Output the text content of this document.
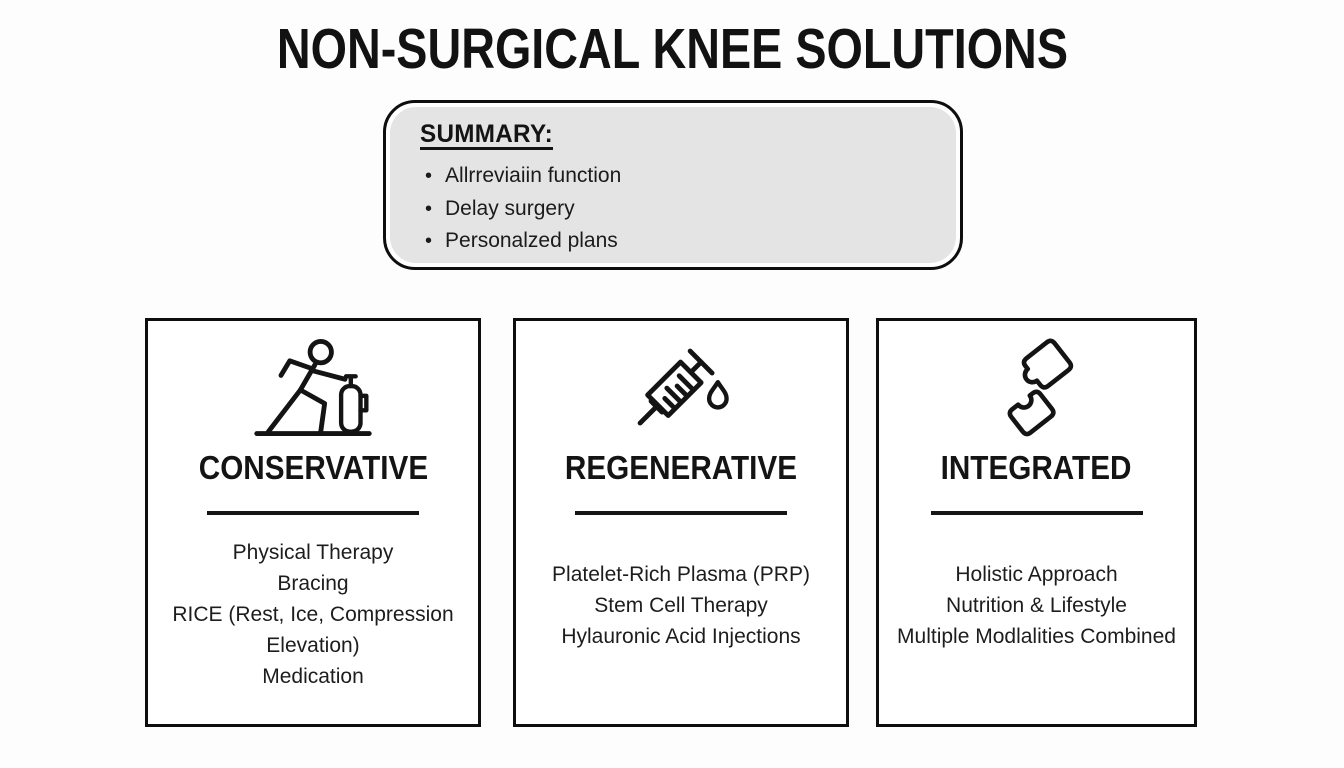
NON-SURGICAL KNEE SOLUTIONS
SUMMARY:
• Allrreviaiin function
• Delay surgery
• Personalzed plans
CONSERVATIVE
Physical Therapy
Bracing
RICE (Rest, Ice, Compression Elevation)
Medication
REGENERATIVE
Platelet-Rich Plasma (PRP)
Stem Cell Therapy
Hylauronic Acid Injections
INTEGRATED
Holistic Approach
Nutrition & Lifestyle
Multiple Modlalities Combined
